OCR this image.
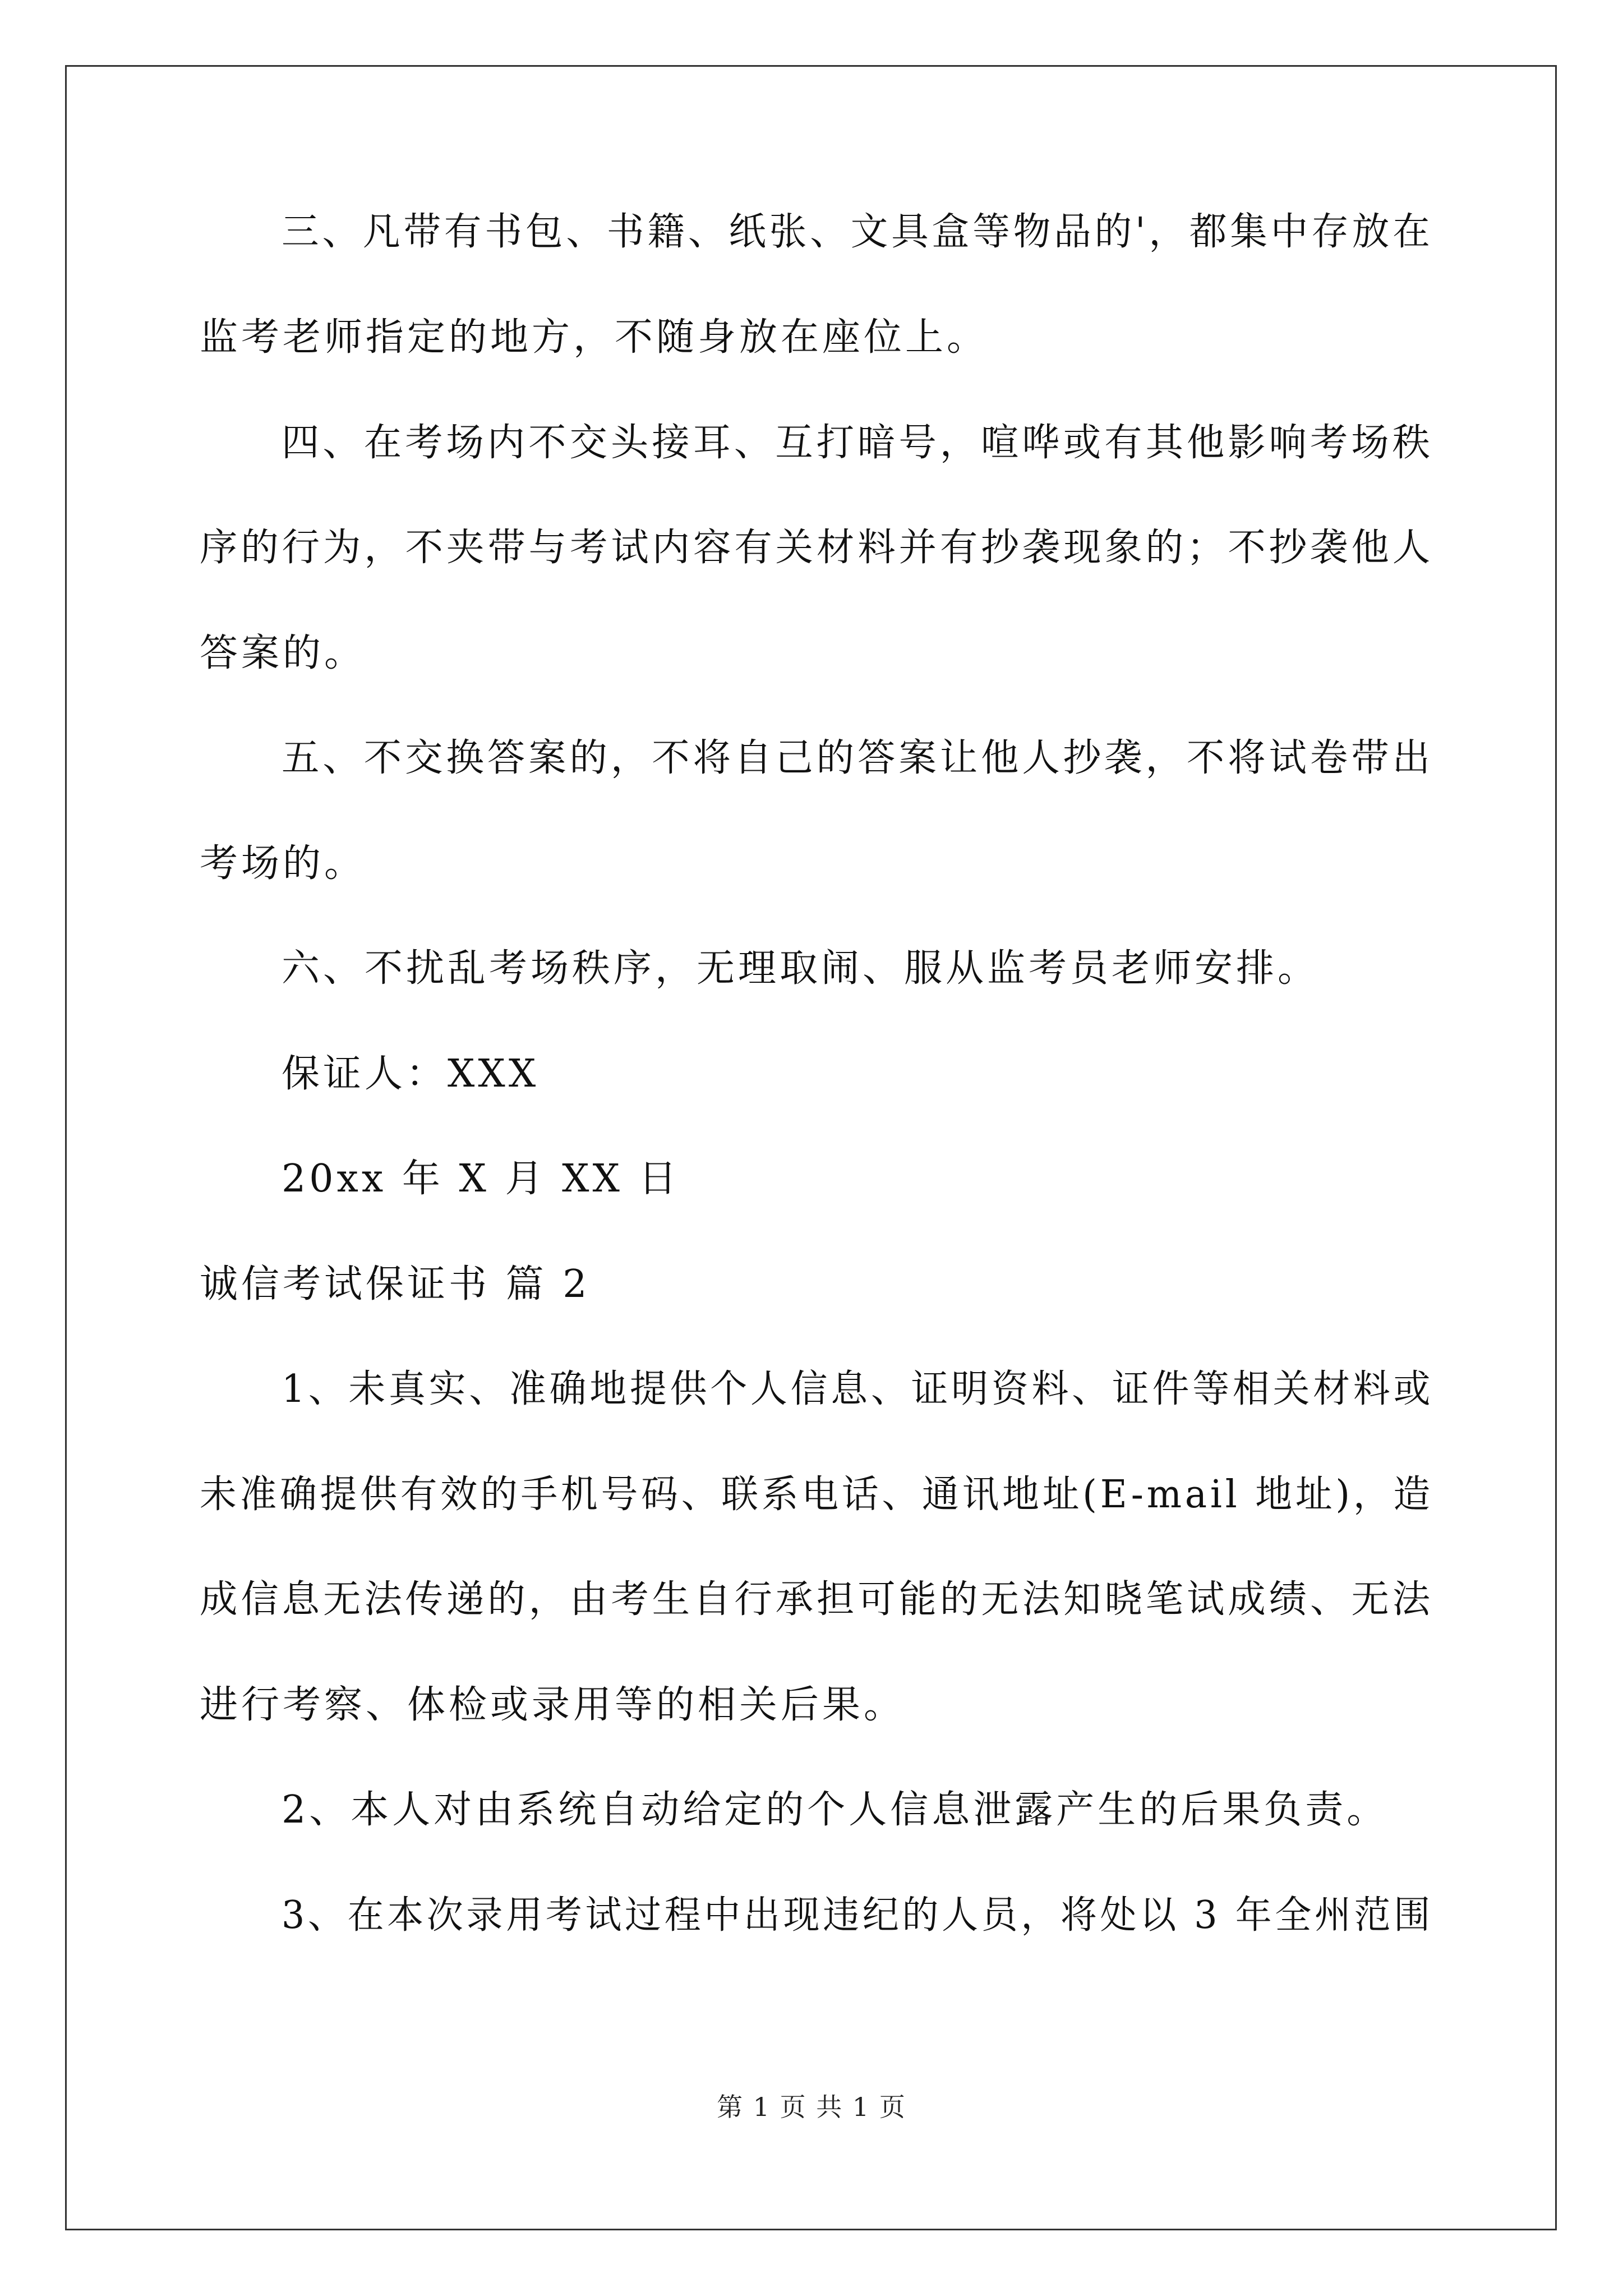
三、凡带有书包、书籍、纸张、文具盒等物品的'，都集中存放在
监考老师指定的地方，不随身放在座位上。
四、在考场内不交头接耳、互打暗号，喧哗或有其他影响考场秩
序的行为，不夹带与考试内容有关材料并有抄袭现象的；不抄袭他人
答案的。
五、不交换答案的，不将自己的答案让他人抄袭，不将试卷带出
考场的。
六、不扰乱考场秩序，无理取闹、服从监考员老师安排。
保证人：XXX
20xx 年 X 月 XX 日
诚信考试保证书 篇 2
1、未真实、准确地提供个人信息、证明资料、证件等相关材料或
未准确提供有效的手机号码、联系电话、通讯地址(E-mail 地址)，造
成信息无法传递的，由考生自行承担可能的无法知晓笔试成绩、无法
进行考察、体检或录用等的相关后果。
2、本人对由系统自动给定的个人信息泄露产生的后果负责。
3、在本次录用考试过程中出现违纪的人员，将处以 3 年全州范围
第 1 页 共 1 页
